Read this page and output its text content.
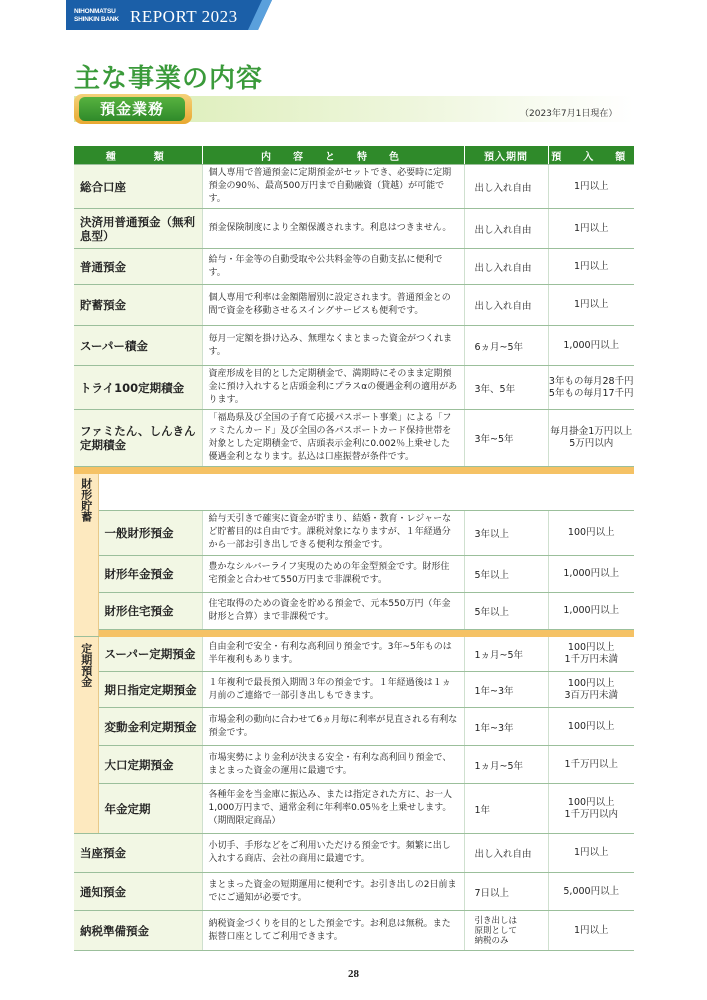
NIHONMATSU
SHINKIN BANK REPORT 2023
主な事業の内容
預金業務	（2023年7月1日現在）
種　　類		内　容　と　特　色	預入期間	預　入　額
総合口座		個人専用で普通預金に定期預金がセットでき、必要時に定期預金の90％、最高500万円まで自動融資（貸越）が可能です。	出し入れ自由	1円以上
決済用普通預金（無利息型）		預金保険制度により全額保護されます。利息はつきません。	出し入れ自由	1円以上
普通預金		給与・年金等の自動受取や公共料金等の自動支払に便利です。	出し入れ自由	1円以上
貯蓄預金		個人専用で利率は金額階層別に設定されます。普通預金との間で資金を移動させるスイングサービスも便利です。	出し入れ自由	1円以上
スーパー積金		毎月一定額を掛け込み、無理なくまとまった資金がつくれます。	6ヵ月~5年	1,000円以上
トライ100定期積金		資産形成を目的とした定期積金で、満期時にそのまま定期預金に預け入れすると店頭金利にプラスαの優遇金利の適用があります。	3年、5年	3年もの毎月28千円
5年もの毎月17千円
ファミたん、しんきん定期積金		「福島県及び全国の子育て応援パスポート事業」による「ファミたんカード」及び全国の各パスポートカード保持世帯を対象とした定期積金で、店頭表示金利に0.002％上乗せした優遇金利となります。払込は口座振替が条件です。	3年~5年	毎月掛金1万円以上
5万円以内

財形貯蓄				

	一般財形預金	給与天引きで確実に資金が貯まり、結婚・教育・レジャーなど貯蓄目的は自由です。課税対象になりますが、１年経過分から一部お引き出しできる便利な預金です。	3年以上	100円以上
	財形年金預金	豊かなシルバーライフ実現のための年金型預金です。財形住宅預金と合わせて550万円まで非課税です。	5年以上	1,000円以上
	財形住宅預金	住宅取得のための資金を貯める預金で、元本550万円（年金財形と合算）まで非課税です。	5年以上	1,000円以上

定期預金	スーパー定期預金	自由金利で安全・有利な高利回り預金です。3年~5年ものは半年複利もあります。	1ヵ月~5年	100円以上
1千万円未満
	期日指定定期預金	１年複利で最長預入期間３年の預金です。１年経過後は１ヵ月前のご連絡で一部引き出しもできます。	1年~3年	100円以上
3百万円未満
	変動金利定期預金	市場金利の動向に合わせて6ヵ月毎に利率が見直される有利な預金です。	1年~3年	100円以上
	大口定期預金	市場実勢により金利が決まる安全・有利な高利回り預金で、まとまった資金の運用に最適です。	1ヵ月~5年	1千万円以上
	年金定期	各種年金を当金庫に振込み、または指定された方に、お一人1,000万円まで、通常金利に年利率0.05％を上乗せします。（期間限定商品）	1年	100円以上
1千万円以内
当座預金		小切手、手形などをご利用いただける預金です。頻繁に出し入れする商店、会社の商用に最適です。	出し入れ自由	1円以上
通知預金		まとまった資金の短期運用に便利です。お引き出しの2日前までにご通知が必要です。	7日以上	5,000円以上
納税準備預金		納税資金づくりを目的とした預金です。お利息は無税。また振替口座としてご利用できます。	引き出しは
原則として
納税のみ	1円以上
28
